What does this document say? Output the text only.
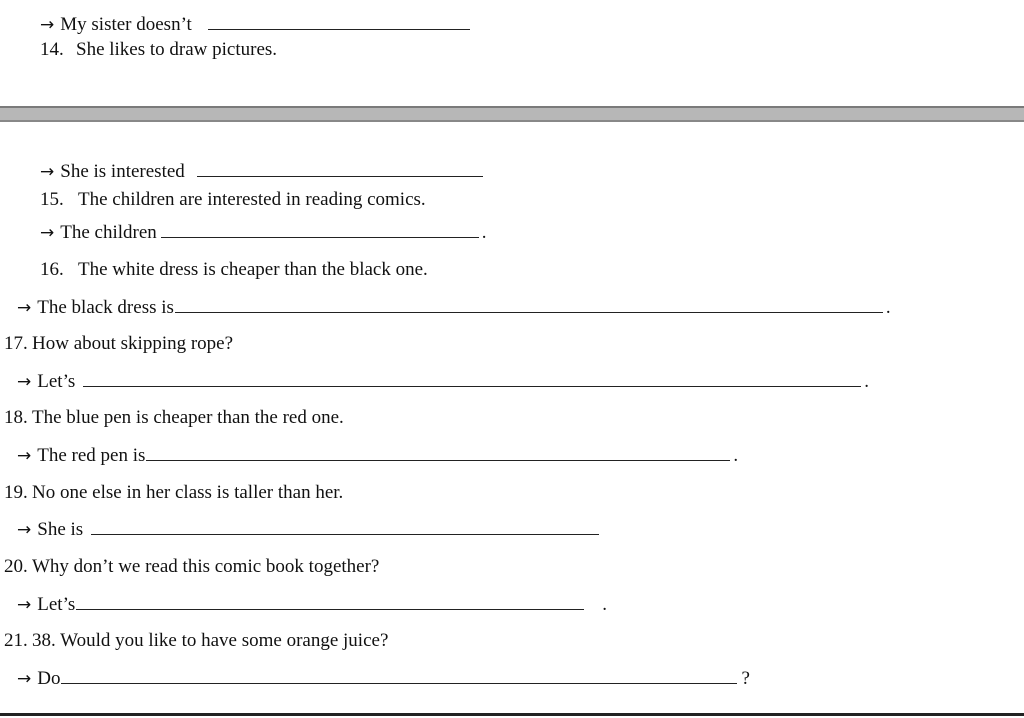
→ My sister doesn’t
14. She likes to draw pictures.
→ She is interested
15. The children are interested in reading comics.
→ The children	.
16. The white dress is cheaper than the black one.
→ The black dress is	.
17. How about skipping rope?
→ Let’s	.
18. The blue pen is cheaper than the red one.
→ The red pen is	.
19. No one else in her class is taller than her.
→ She is
20. Why don’t we read this comic book together?
→ Let’s	.
21. 38. Would you like to have some orange juice?
→ Do	?
